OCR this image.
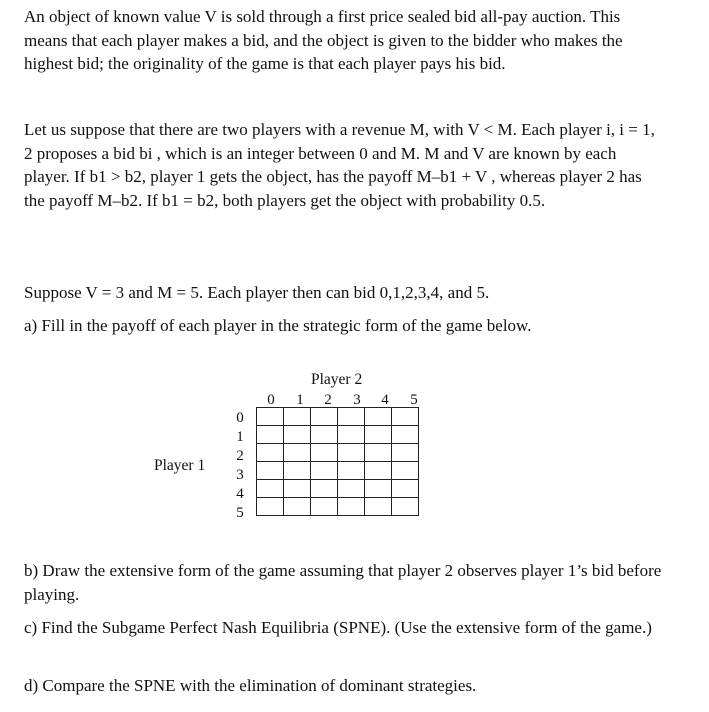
An object of known value V is sold through a first price sealed bid all-pay auction. This means that each player makes a bid, and the object is given to the bidder who makes the highest bid; the originality of the game is that each player pays his bid.

Let us suppose that there are two players with a revenue M, with V < M. Each player i, i = 1, 2 proposes a bid bi , which is an integer between 0 and M. M and V are known by each player. If b1 > b2, player 1 gets the object, has the payoff M–b1 + V , whereas player 2 has the payoff M–b2. If b1 = b2, both players get the object with probability 0.5.

Suppose V = 3 and M = 5. Each player then can bid 0,1,2,3,4, and 5.

a) Fill in the payoff of each player in the strategic form of the game below.

Player 2
Player 1
0 1 2 3 4 5
0
1
2
3
4
5

b) Draw the extensive form of the game assuming that player 2 observes player 1’s bid before playing.

c) Find the Subgame Perfect Nash Equilibria (SPNE). (Use the extensive form of the game.)

d) Compare the SPNE with the elimination of dominant strategies.
